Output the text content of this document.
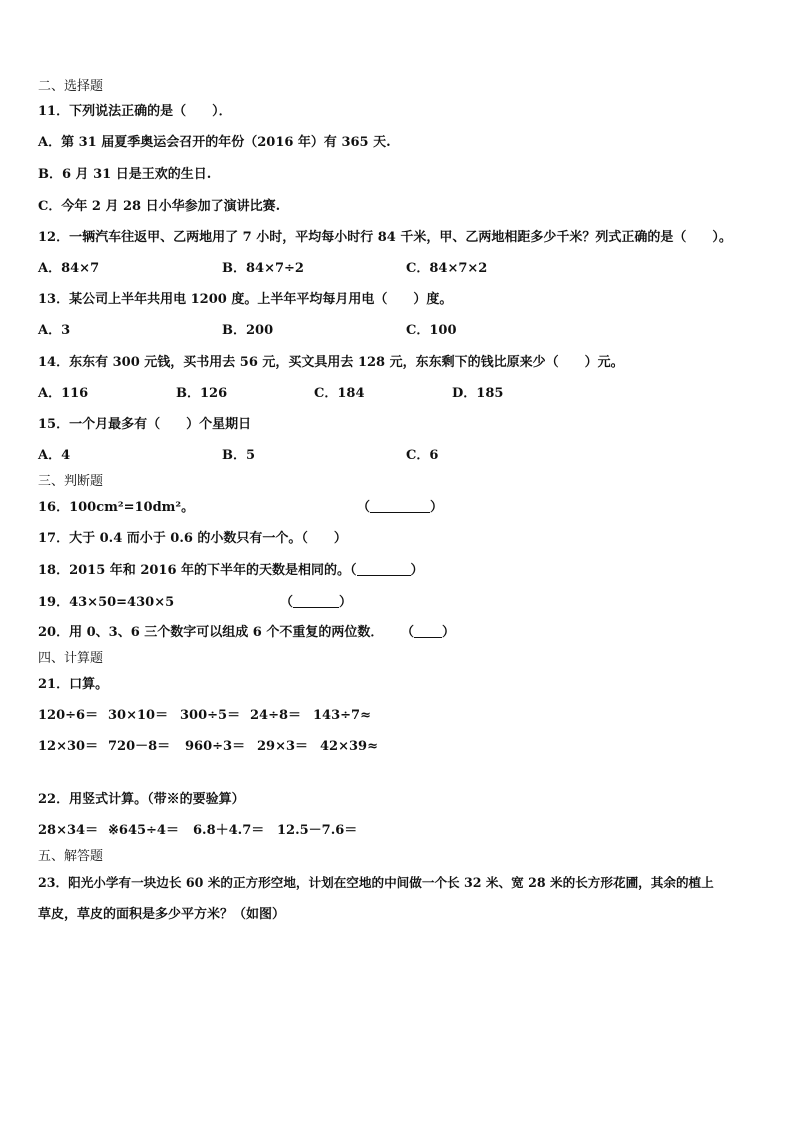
二、选择题
11．下列说法正确的是（　　）．
A．第 31 届夏季奥运会召开的年份（2016 年）有 365 天.
B．6 月 31 日是王欢的生日.
C．今年 2 月 28 日小华参加了演讲比赛.
12．一辆汽车往返甲、乙两地用了 7 小时，平均每小时行 84 千米，甲、乙两地相距多少千米？列式正确的是（　　）。
A．84×7	B．84×7÷2	C．84×7×2
13．某公司上半年共用电 1200 度。上半年平均每月用电（　　）度。
A．3	B．200	C．100
14．东东有 300 元钱，买书用去 56 元，买文具用去 128 元，东东剩下的钱比原来少（　　）元。
A．116	B．126	C．184	D．185
15．一个月最多有（　　）个星期日
A．4	B．5	C．6
三、判断题
16．100cm²=10dm²。	（	）
17．大于 0.4 而小于 0.6 的小数只有一个。（　　）
18．2015 年和 2016 年的下半年的天数是相同的。（	）
19．43×50=430×5	（	）
20．用 0、3、6 三个数字可以组成 6 个不重复的两位数． （ ）
四、计算题
21．口算。
120÷6＝ 30×10＝ 300÷5＝ 24÷8＝ 143÷7≈
12×30＝ 720－8＝ 960÷3＝ 29×3＝ 42×39≈
22．用竖式计算。（带※的要验算）
28×34＝ ※645÷4＝ 6.8＋4.7＝ 12.5－7.6＝
五、解答题
23．阳光小学有一块边长 60 米的正方形空地，计划在空地的中间做一个长 32 米、宽 28 米的长方形花圃，其余的植上
草皮，草皮的面积是多少平方米？（如图）
